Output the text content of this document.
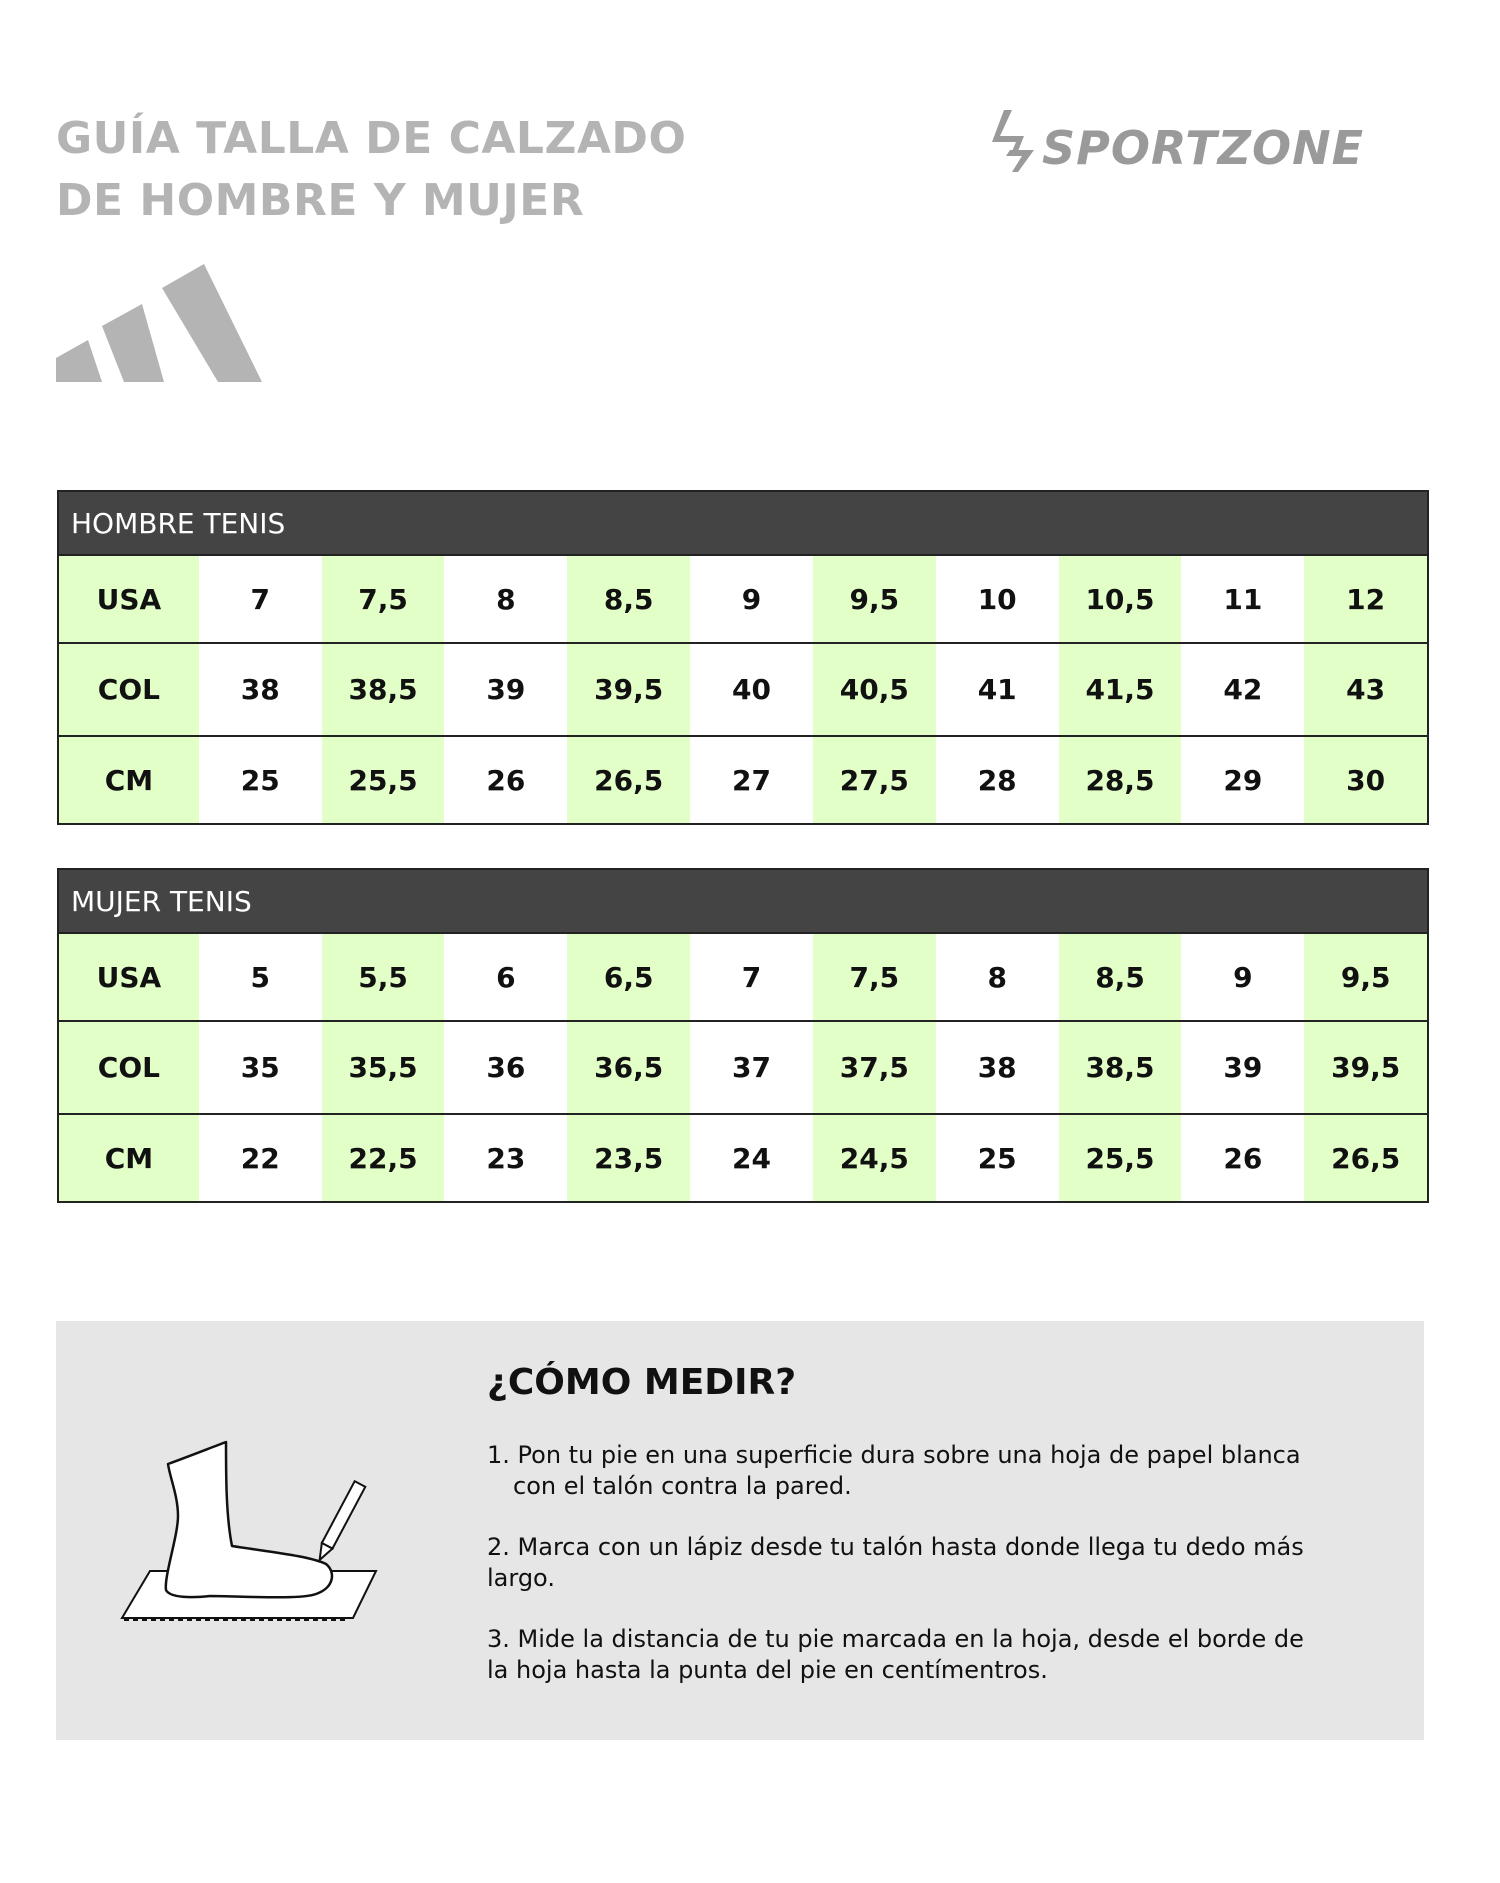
GUÍA TALLA DE CALZADO
DE HOMBRE Y MUJER
SPORTZONE
HOMBRE TENIS
USA	7	7,5	8	8,5	9	9,5	10	10,5	11	12
COL	38	38,5	39	39,5	40	40,5	41	41,5	42	43
CM	25	25,5	26	26,5	27	27,5	28	28,5	29	30
MUJER TENIS
USA	5	5,5	6	6,5	7	7,5	8	8,5	9	9,5
COL	35	35,5	36	36,5	37	37,5	38	38,5	39	39,5
CM	22	22,5	23	23,5	24	24,5	25	25,5	26	26,5
¿CÓMO MEDIR?

1. Pon tu pie en una superficie dura sobre una hoja de papel blanca
con el talón contra la pared.

2. Marca con un lápiz desde tu talón hasta donde llega tu dedo más largo.

3. Mide la distancia de tu pie marcada en la hoja, desde el borde de la hoja hasta la punta del pie en centímentros.
